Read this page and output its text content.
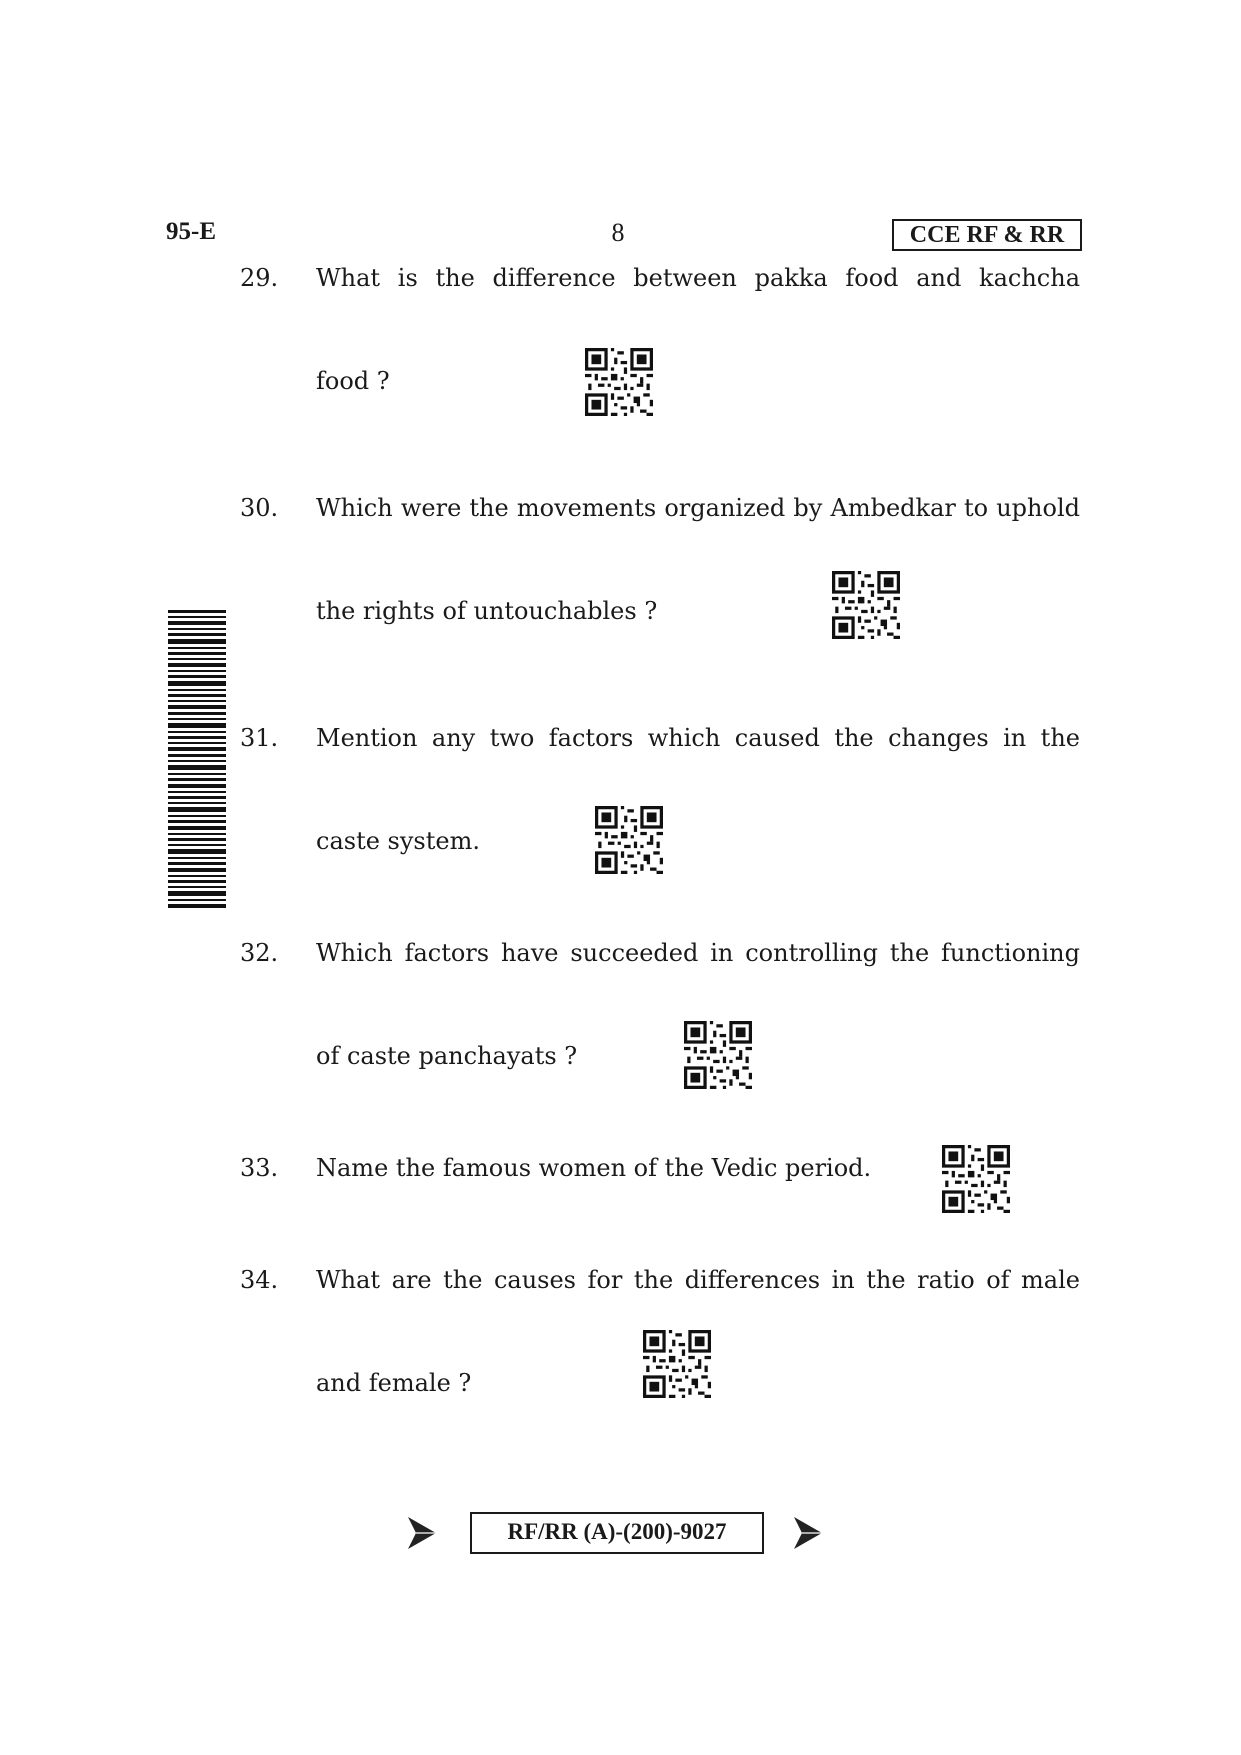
95-E	8	CCE RF & RR
29. What is the difference between pakka food and kachcha
food ?
30. Which were the movements organized by Ambedkar to uphold
the rights of untouchables ?
31. Mention any two factors which caused the changes in the
caste system.
32. Which factors have succeeded in controlling the functioning
of caste panchayats ?
33. Name the famous women of the Vedic period.
34. What are the causes for the differences in the ratio of male
and female ?
RF/RR (A)-(200)-9027
